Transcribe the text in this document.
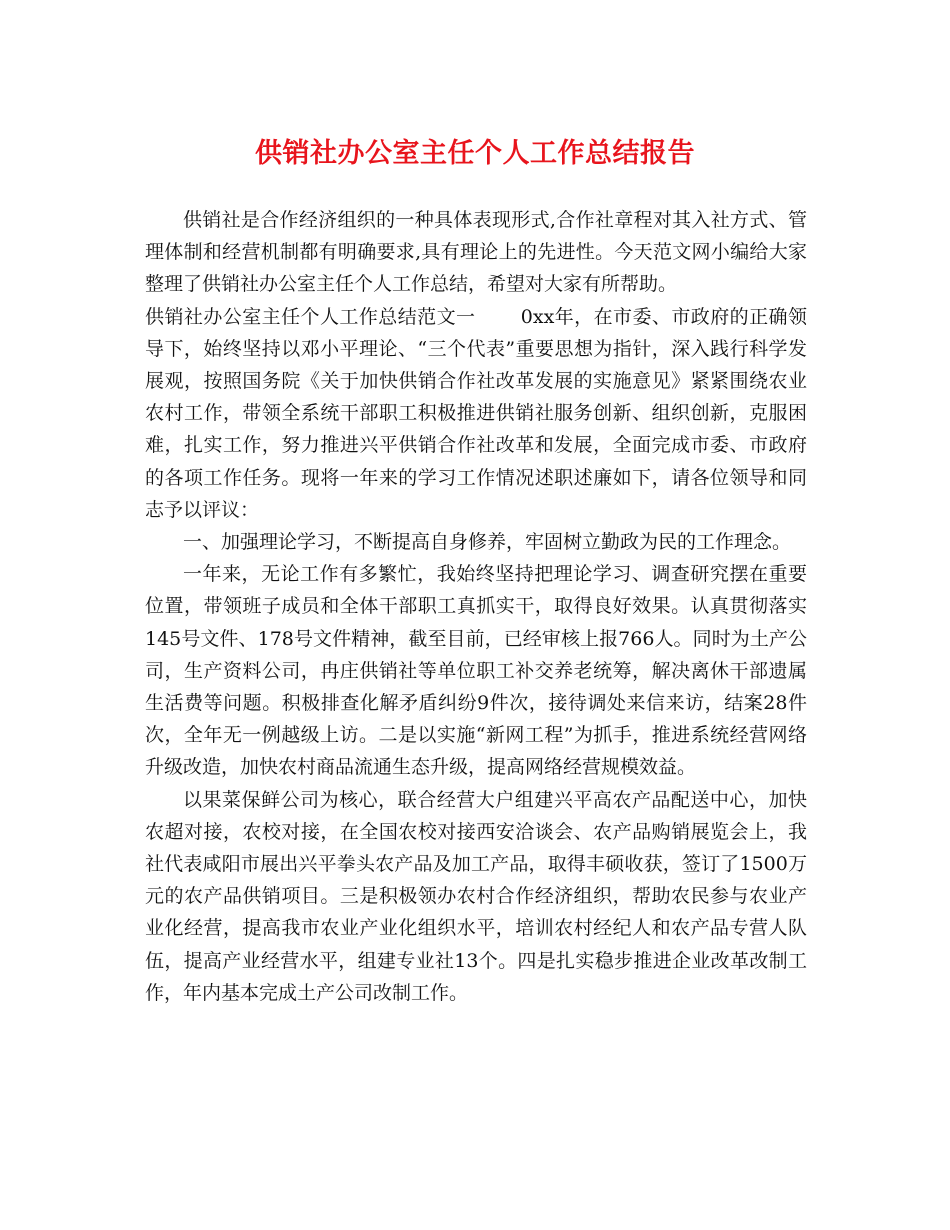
供销社办公室主任个人工作总结报告

供销社是合作经济组织的一种具体表现形式,合作社章程对其入社方式、管理体制和经营机制都有明确要求,具有理论上的先进性。今天范文网小编给大家整理了供销社办公室主任个人工作总结，希望对大家有所帮助。

供销社办公室主任个人工作总结范文一　　 0xx年，在市委、市政府的正确领导下，始终坚持以邓小平理论、“三个代表”重要思想为指针，深入践行科学发展观，按照国务院《关于加快供销合作社改革发展的实施意见》紧紧围绕农业农村工作，带领全系统干部职工积极推进供销社服务创新、组织创新，克服困难，扎实工作，努力推进兴平供销合作社改革和发展，全面完成市委、市政府的各项工作任务。现将一年来的学习工作情况述职述廉如下，请各位领导和同志予以评议：

一、加强理论学习，不断提高自身修养，牢固树立勤政为民的工作理念。

一年来，无论工作有多繁忙，我始终坚持把理论学习、调查研究摆在重要位置，带领班子成员和全体干部职工真抓实干，取得良好效果。认真贯彻落实145号文件、178号文件精神，截至目前，已经审核上报766人。同时为土产公司，生产资料公司，冉庄供销社等单位职工补交养老统筹，解决离休干部遗属生活费等问题。积极排查化解矛盾纠纷9件次，接待调处来信来访，结案28件次，全年无一例越级上访。二是以实施“新网工程”为抓手，推进系统经营网络升级改造，加快农村商品流通生态升级，提高网络经营规模效益。

以果菜保鲜公司为核心，联合经营大户组建兴平高农产品配送中心，加快农超对接，农校对接，在全国农校对接西安洽谈会、农产品购销展览会上，我社代表咸阳市展出兴平拳头农产品及加工产品，取得丰硕收获，签订了1500万元的农产品供销项目。三是积极领办农村合作经济组织，帮助农民参与农业产业化经营，提高我市农业产业化组织水平，培训农村经纪人和农产品专营人队伍，提高产业经营水平，组建专业社13个。四是扎实稳步推进企业改革改制工作，年内基本完成土产公司改制工作。
